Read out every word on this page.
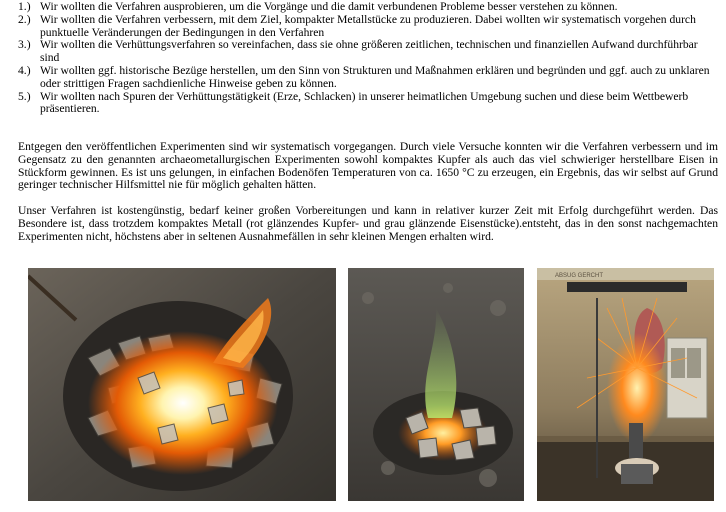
1.) Wir wollten die Verfahren ausprobieren, um die Vorgänge und die damit verbundenen Probleme besser verstehen zu können.
2.) Wir wollten die Verfahren verbessern, mit dem Ziel, kompakter Metallstücke zu produzieren. Dabei wollten wir systematisch vorgehen durch punktuelle Veränderungen der Bedingungen in den Verfahren
3.) Wir wollten die Verhüttungsverfahren so vereinfachen, dass sie ohne größeren zeitlichen, technischen und finanziellen Aufwand durchführbar sind
4.) Wir wollten ggf. historische Bezüge herstellen, um den Sinn von Strukturen und Maßnahmen erklären und begründen und ggf. auch zu unklaren oder strittigen Fragen sachdienliche Hinweise geben zu können.
5.) Wir wollten nach Spuren der Verhüttungstätigkeit (Erze, Schlacken) in unserer heimatlichen Umgebung suchen und diese beim Wettbewerb präsentieren.

Entgegen den veröffentlichen Experimenten sind wir systematisch vorgegangen. Durch viele Versuche konnten wir die Verfahren verbessern und im Gegensatz zu den genannten archaeometallurgischen Experimenten sowohl kompaktes Kupfer als auch das viel schwieriger herstellbare Eisen in Stückform gewinnen. Es ist uns gelungen, in einfachen Bodenöfen Temperaturen von ca. 1650 °C zu erzeugen, ein Ergebnis, das wir selbst auf Grund geringer technischer Hilfsmittel nie für möglich gehalten hätten.

Unser Verfahren ist kostengünstig, bedarf keiner großen Vorbereitungen und kann in relativer kurzer Zeit mit Erfolg durchgeführt werden. Das Besondere ist, dass trotzdem kompaktes Metall (rot glänzendes Kupfer- und grau glänzende Eisenstücke).entsteht, das in den sonst nachgemachten Experimenten nicht, höchstens aber in seltenen Ausnahmefällen in sehr kleinen Mengen erhalten wird.

ABSUG GERCHT
